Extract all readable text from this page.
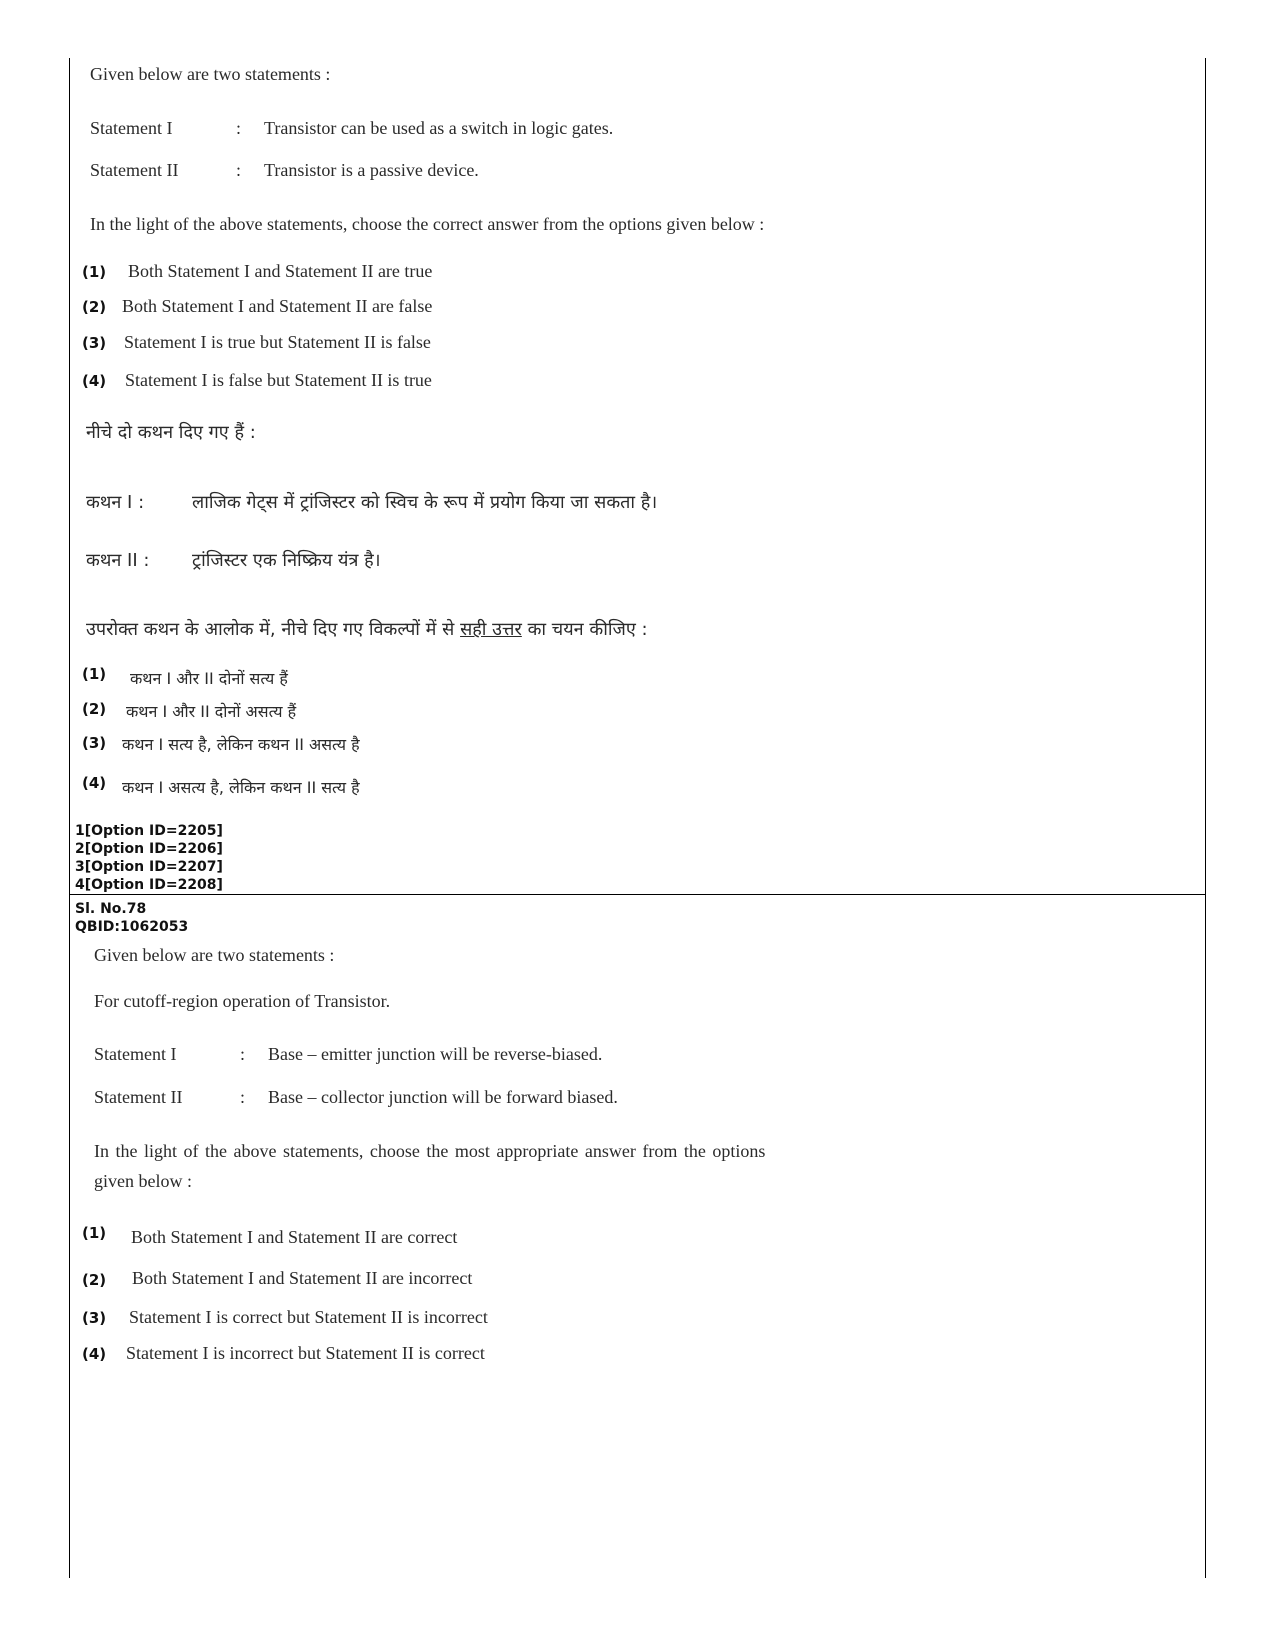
Given below are two statements :
Statement I	: Transistor can be used as a switch in logic gates.
Statement II	: Transistor is a passive device.
In the light of the above statements, choose the correct answer from the options given below :
(1) Both Statement I and Statement II are true
(2) Both Statement I and Statement II are false
(3) Statement I is true but Statement II is false
(4) Statement I is false but Statement II is true
नीचे दो कथन दिए गए हैं :
कथन I :	लाजिक गेट्स में ट्रांजिस्टर को स्विच के रूप में प्रयोग किया जा सकता है।
कथन II : ट्रांजिस्टर एक निष्क्रिय यंत्र है।
उपरोक्त कथन के आलोक में, नीचे दिए गए विकल्पों में से सही उत्तर का चयन कीजिए :
(1) कथन I और II दोनों सत्य हैं
(2) कथन I और II दोनों असत्य हैं
(3) कथन I सत्य है, लेकिन कथन II असत्य है
(4) कथन I असत्य है, लेकिन कथन II सत्य है
1[Option ID=2205]
2[Option ID=2206]
3[Option ID=2207]
4[Option ID=2208]
Sl. No.78
QBID:1062053
Given below are two statements :
For cutoff-region operation of Transistor.
Statement I	: Base – emitter junction will be reverse-biased.
Statement II	: Base – collector junction will be forward biased.
In the light of the above statements, choose the most appropriate answer from the options
given below :
(1) Both Statement I and Statement II are correct
(2) Both Statement I and Statement II are incorrect
(3) Statement I is correct but Statement II is incorrect
(4) Statement I is incorrect but Statement II is correct
